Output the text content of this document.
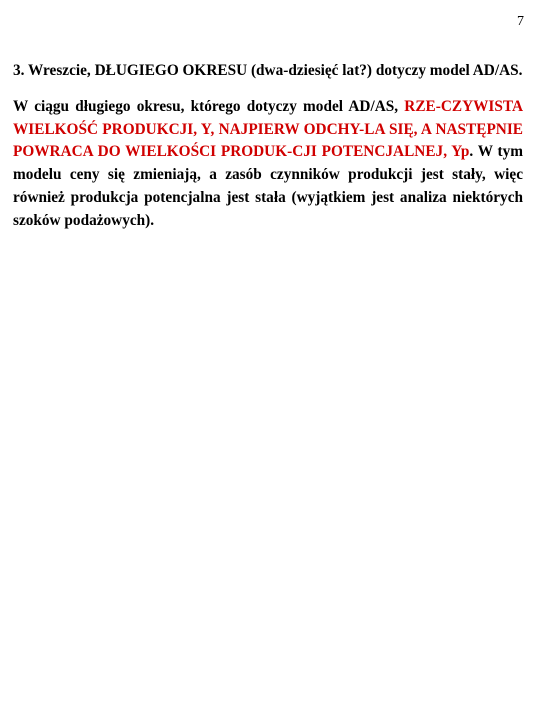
7

3. Wreszcie, DŁUGIEGO OKRESU (dwa-dziesięć lat?) dotyczy model AD/AS.

W ciągu długiego okresu, którego dotyczy model AD/AS, RZE-CZYWISTA WIELKOŚĆ PRODUKCJI, Y, NAJPIERW ODCHY-LA SIĘ, A NASTĘPNIE POWRACA DO WIELKOŚCI PRODUK-CJI POTENCJALNEJ, Yp. W tym modelu ceny się zmieniają, a zasób czynników produkcji jest stały, więc również produkcja potencjalna jest stała (wyjątkiem jest analiza niektórych szoków podażowych).
